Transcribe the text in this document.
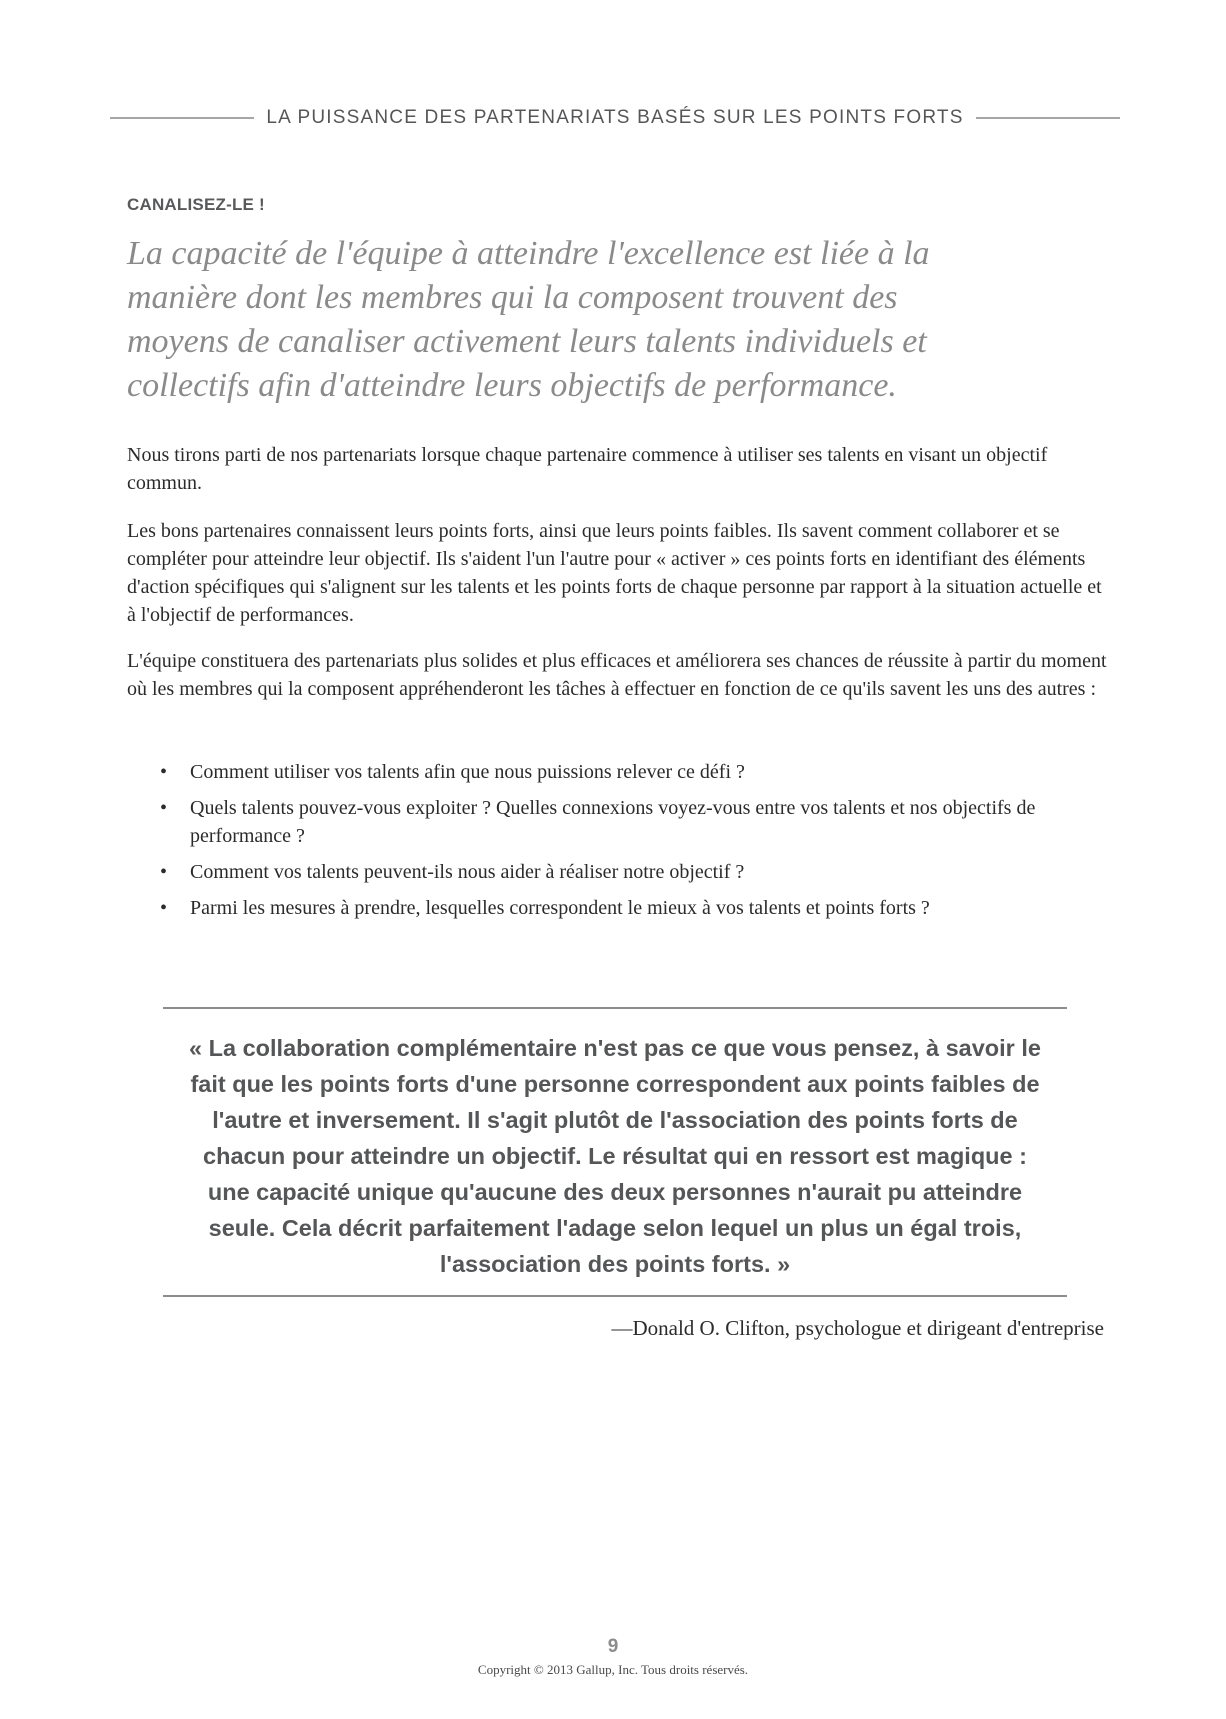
LA PUISSANCE DES PARTENARIATS BASÉS SUR LES POINTS FORTS
CANALISEZ-LE !

La capacité de l'équipe à atteindre l'excellence est liée à la manière dont les membres qui la composent trouvent des moyens de canaliser activement leurs talents individuels et collectifs afin d'atteindre leurs objectifs de performance.

Nous tirons parti de nos partenariats lorsque chaque partenaire commence à utiliser ses talents en visant un objectif commun.

Les bons partenaires connaissent leurs points forts, ainsi que leurs points faibles. Ils savent comment collaborer et se compléter pour atteindre leur objectif. Ils s'aident l'un l'autre pour « activer » ces points forts en identifiant des éléments d'action spécifiques qui s'alignent sur les talents et les points forts de chaque personne par rapport à la situation actuelle et à l'objectif de performances.

L'équipe constituera des partenariats plus solides et plus efficaces et améliorera ses chances de réussite à partir du moment où les membres qui la composent appréhenderont les tâches à effectuer en fonction de ce qu'ils savent les uns des autres :

• Comment utiliser vos talents afin que nous puissions relever ce défi ?
• Quels talents pouvez-vous exploiter ? Quelles connexions voyez-vous entre vos talents et nos objectifs de performance ?
• Comment vos talents peuvent-ils nous aider à réaliser notre objectif ?
• Parmi les mesures à prendre, lesquelles correspondent le mieux à vos talents et points forts ?

« La collaboration complémentaire n'est pas ce que vous pensez, à savoir le fait que les points forts d'une personne correspondent aux points faibles de l'autre et inversement. Il s'agit plutôt de l'association des points forts de chacun pour atteindre un objectif. Le résultat qui en ressort est magique : une capacité unique qu'aucune des deux personnes n'aurait pu atteindre seule. Cela décrit parfaitement l'adage selon lequel un plus un égal trois, l'association des points forts. »

—Donald O. Clifton, psychologue et dirigeant d'entreprise
9
Copyright © 2013 Gallup, Inc. Tous droits réservés.
